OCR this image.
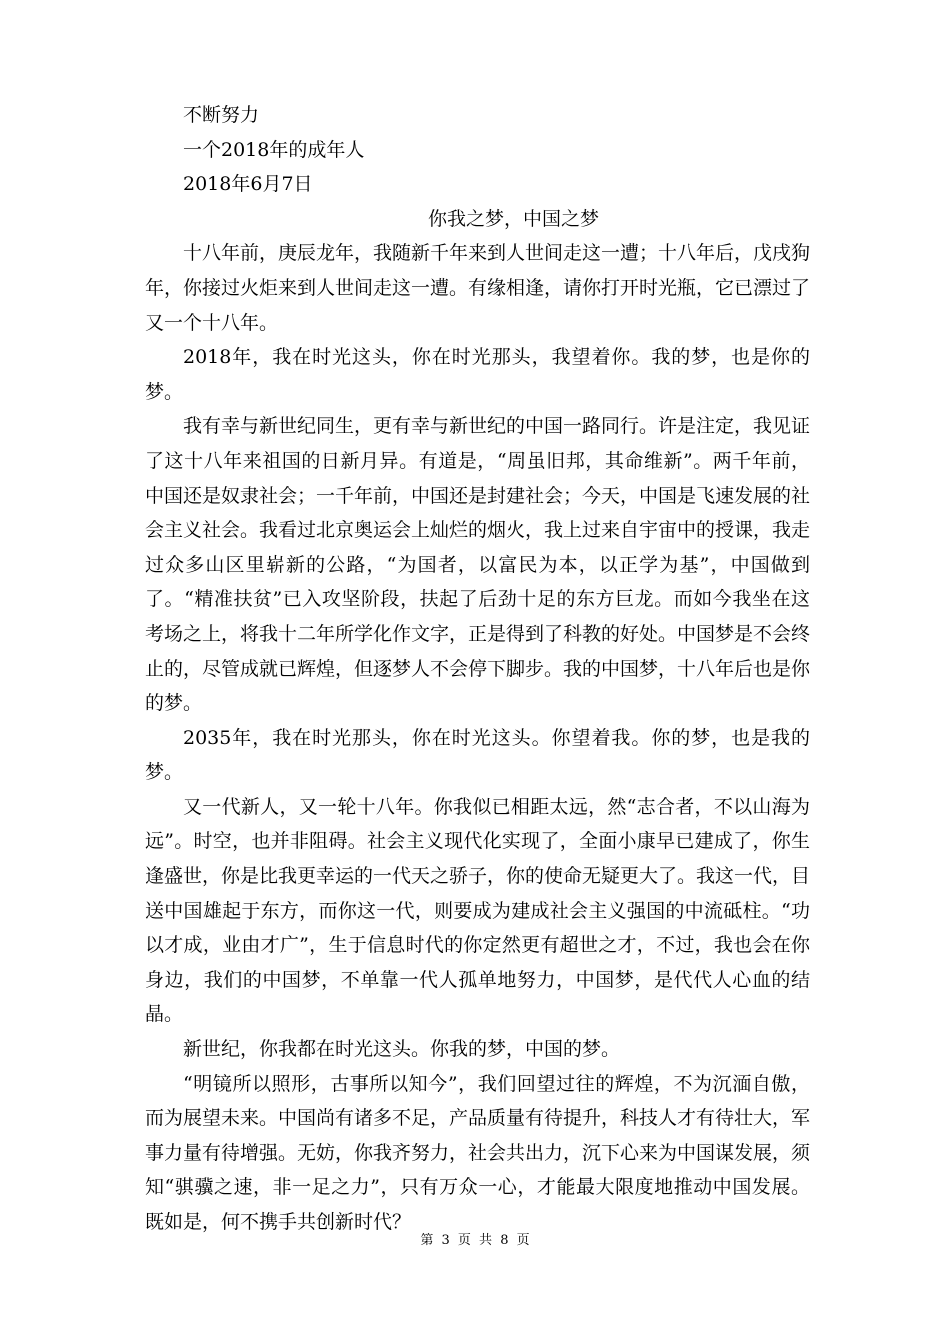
不断努力

一个2018年的成年人

2018年6月7日

你我之梦，中国之梦

十八年前，庚辰龙年，我随新千年来到人世间走这一遭；十八年后，戊戌狗年，你接过火炬来到人世间走这一遭。有缘相逢，请你打开时光瓶，它已漂过了又一个十八年。

2018年，我在时光这头，你在时光那头，我望着你。我的梦，也是你的梦。

我有幸与新世纪同生，更有幸与新世纪的中国一路同行。许是注定，我见证了这十八年来祖国的日新月异。有道是，“周虽旧邦，其命维新”。两千年前，中国还是奴隶社会；一千年前，中国还是封建社会；今天，中国是飞速发展的社会主义社会。我看过北京奥运会上灿烂的烟火，我上过来自宇宙中的授课，我走过众多山区里崭新的公路，“为国者，以富民为本，以正学为基”，中国做到了。“精准扶贫”已入攻坚阶段，扶起了后劲十足的东方巨龙。而如今我坐在这考场之上，将我十二年所学化作文字，正是得到了科教的好处。中国梦是不会终止的，尽管成就已辉煌，但逐梦人不会停下脚步。我的中国梦，十八年后也是你的梦。

2035年，我在时光那头，你在时光这头。你望着我。你的梦，也是我的梦。

又一代新人，又一轮十八年。你我似已相距太远，然“志合者，不以山海为远”。时空，也并非阻碍。社会主义现代化实现了，全面小康早已建成了，你生逢盛世，你是比我更幸运的一代天之骄子，你的使命无疑更大了。我这一代，目送中国雄起于东方，而你这一代，则要成为建成社会主义强国的中流砥柱。“功以才成，业由才广”，生于信息时代的你定然更有超世之才，不过，我也会在你身边，我们的中国梦，不单靠一代人孤单地努力，中国梦，是代代人心血的结晶。

新世纪，你我都在时光这头。你我的梦，中国的梦。

“明镜所以照形，古事所以知今”，我们回望过往的辉煌，不为沉湎自傲，而为展望未来。中国尚有诸多不足，产品质量有待提升，科技人才有待壮大，军事力量有待增强。无妨，你我齐努力，社会共出力，沉下心来为中国谋发展，须知“骐骥之速，非一足之力”，只有万众一心，才能最大限度地推动中国发展。既如是，何不携手共创新时代？

第 3 页 共 8 页
